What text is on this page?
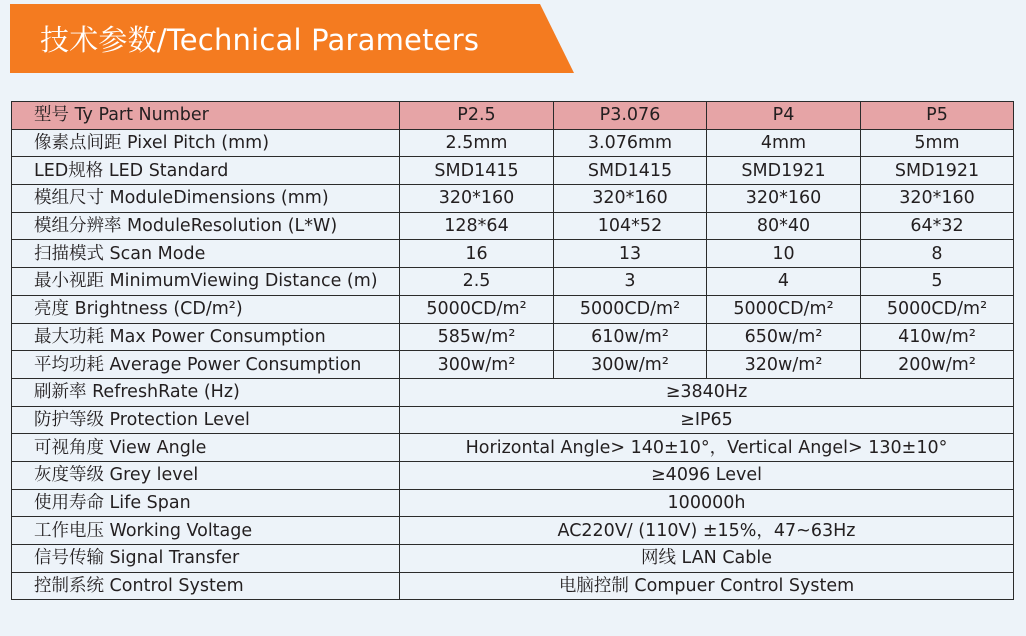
技术参数/Technical Parameters
型号 Ty Part Number	P2.5	P3.076	P4	P5
像素点间距 Pixel Pitch (mm)	2.5mm	3.076mm	4mm	5mm
LED规格 LED Standard	SMD1415	SMD1415	SMD1921	SMD1921
模组尺寸 ModuleDimensions (mm)	320*160	320*160	320*160	320*160
模组分辨率 ModuleResolution (L*W)	128*64	104*52	80*40	64*32
扫描模式 Scan Mode	16	13	10	8
最小视距 MinimumViewing Distance (m)	2.5	3	4	5
亮度 Brightness (CD/m²)	5000CD/m²	5000CD/m²	5000CD/m²	5000CD/m²
最大功耗 Max Power Consumption	585w/m²	610w/m²	650w/m²	410w/m²
平均功耗 Average Power Consumption	300w/m²	300w/m²	320w/m²	200w/m²
刷新率 RefreshRate (Hz)	≥3840Hz			
防护等级 Protection Level	≥IP65			
可视角度 View Angle	Horizontal Angle> 140±10°，Vertical Angel> 130±10°			
灰度等级 Grey level	≥4096 Level			
使用寿命 Life Span	100000h			
工作电压 Working Voltage	AC220V/ (110V) ±15%，47~63Hz			
信号传输 Signal Transfer	网线 LAN Cable			
控制系统 Control System	电脑控制 Compuer Control System			
